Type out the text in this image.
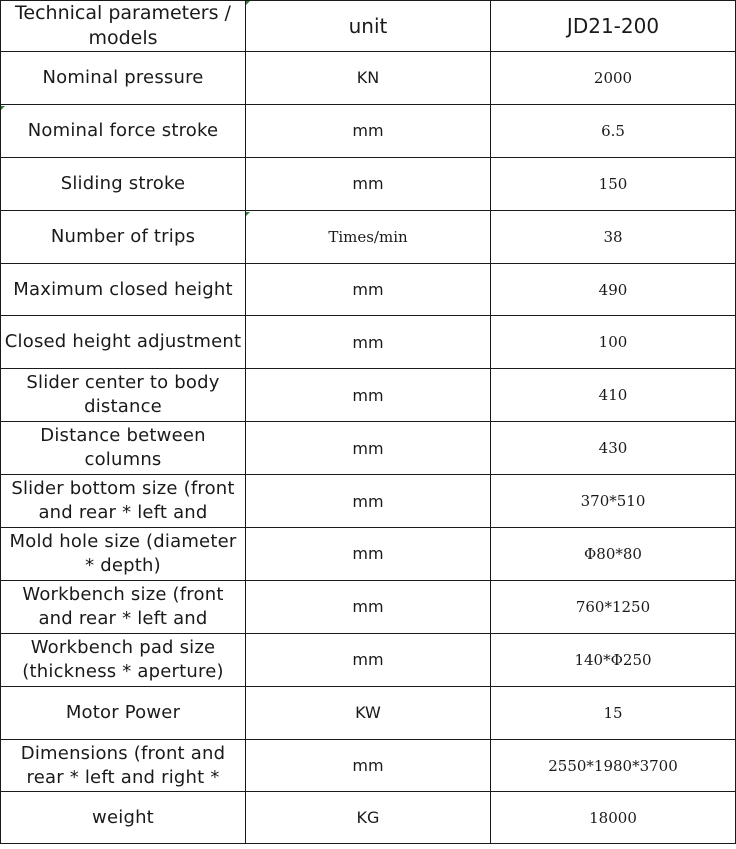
Technical parameters / models	unit	JD21-200
Nominal pressure	KN	2000
Nominal force stroke	mm	6.5
Sliding stroke	mm	150
Number of trips	Times/min	38
Maximum closed height	mm	490
Closed height adjustment	mm	100
Slider center to body distance	mm	410
Distance between columns	mm	430
Slider bottom size (front and rear * left and	mm	370*510
Mold hole size (diameter * depth)	mm	Φ80*80
Workbench size (front and rear * left and	mm	760*1250
Workbench pad size (thickness * aperture)	mm	140*Φ250
Motor Power	KW	15
Dimensions (front and rear * left and right *	mm	2550*1980*3700
weight	KG	18000
